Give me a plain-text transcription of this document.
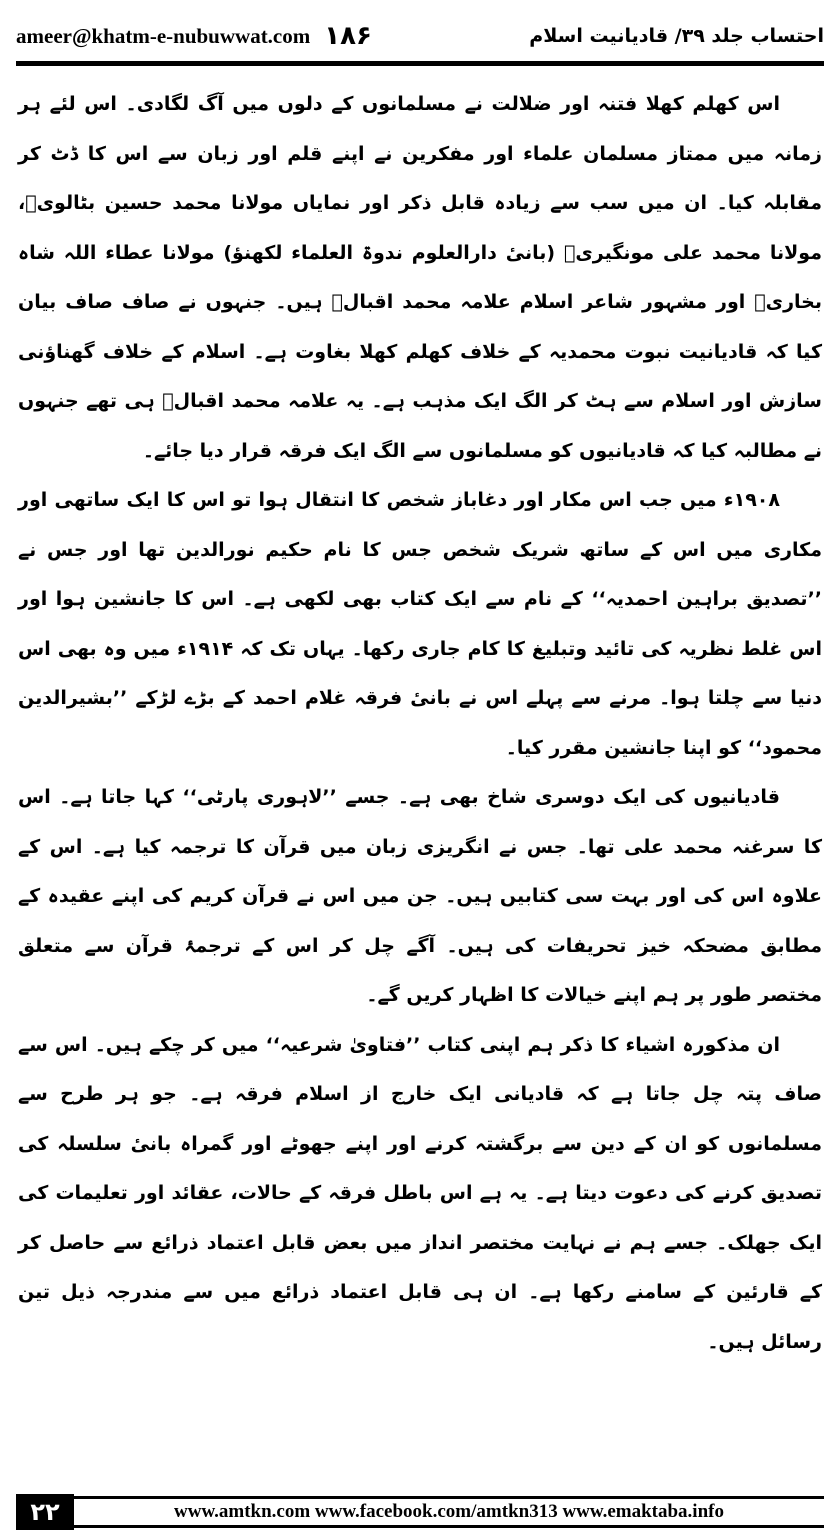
ameer@khatm-e-nubuwwat.com ۱۸۶	احتساب جلد ۳۹/ قادیانیت اسلام

اس کھلم کھلا فتنہ اور ضلالت نے مسلمانوں کے دلوں میں آگ لگادی۔ اس لئے ہر زمانہ میں ممتاز مسلمان علماء اور مفکرین نے اپنے قلم اور زبان سے اس کا ڈٹ کر مقابلہ کیا۔ ان میں سب سے زیادہ قابل ذکر اور نمایاں مولانا محمد حسین بٹالویؒ، مولانا محمد علی مونگیریؒ (بانیٔ دارالعلوم ندوۃ العلماء لکھنؤ) مولانا عطاء اللہ شاہ بخاریؒ اور مشہور شاعر اسلام علامہ محمد اقبالؒ ہیں۔ جنہوں نے صاف صاف بیان کیا کہ قادیانیت نبوت محمدیہ کے خلاف کھلم کھلا بغاوت ہے۔ اسلام کے خلاف گھناؤنی سازش اور اسلام سے ہٹ کر الگ ایک مذہب ہے۔ یہ علامہ محمد اقبالؒ ہی تھے جنہوں نے مطالبہ کیا کہ قادیانیوں کو مسلمانوں سے الگ ایک فرقہ قرار دیا جائے۔

۱۹۰۸ء میں جب اس مکار اور دغاباز شخص کا انتقال ہوا تو اس کا ایک ساتھی اور مکاری میں اس کے ساتھ شریک شخص جس کا نام حکیم نورالدین تھا اور جس نے ’’تصدیق براہین احمدیہ‘‘ کے نام سے ایک کتاب بھی لکھی ہے۔ اس کا جانشین ہوا اور اس غلط نظریہ کی تائید وتبلیغ کا کام جاری رکھا۔ یہاں تک کہ ۱۹۱۴ء میں وہ بھی اس دنیا سے چلتا ہوا۔ مرنے سے پہلے اس نے بانیٔ فرقہ غلام احمد کے بڑے لڑکے ’’بشیرالدین محمود‘‘ کو اپنا جانشین مقرر کیا۔

قادیانیوں کی ایک دوسری شاخ بھی ہے۔ جسے ’’لاہوری پارٹی‘‘ کہا جاتا ہے۔ اس کا سرغنہ محمد علی تھا۔ جس نے انگریزی زبان میں قرآن کا ترجمہ کیا ہے۔ اس کے علاوہ اس کی اور بہت سی کتابیں ہیں۔ جن میں اس نے قرآن کریم کی اپنے عقیدہ کے مطابق مضحکہ خیز تحریفات کی ہیں۔ آگے چل کر اس کے ترجمۂ قرآن سے متعلق مختصر طور پر ہم اپنے خیالات کا اظہار کریں گے۔

ان مذکورہ اشیاء کا ذکر ہم اپنی کتاب ’’فتاویٰ شرعیہ‘‘ میں کر چکے ہیں۔ اس سے صاف پتہ چل جاتا ہے کہ قادیانی ایک خارج از اسلام فرقہ ہے۔ جو ہر طرح سے مسلمانوں کو ان کے دین سے برگشتہ کرنے اور اپنے جھوٹے اور گمراہ بانیٔ سلسلہ کی تصدیق کرنے کی دعوت دیتا ہے۔ یہ ہے اس باطل فرقہ کے حالات، عقائد اور تعلیمات کی ایک جھلک۔ جسے ہم نے نہایت مختصر انداز میں بعض قابل اعتماد ذرائع سے حاصل کر کے قارئین کے سامنے رکھا ہے۔ ان ہی قابل اعتماد ذرائع میں سے مندرجہ ذیل تین رسائل ہیں۔

۲۲	www.amtkn.com www.facebook.com/amtkn313 www.emaktaba.info
